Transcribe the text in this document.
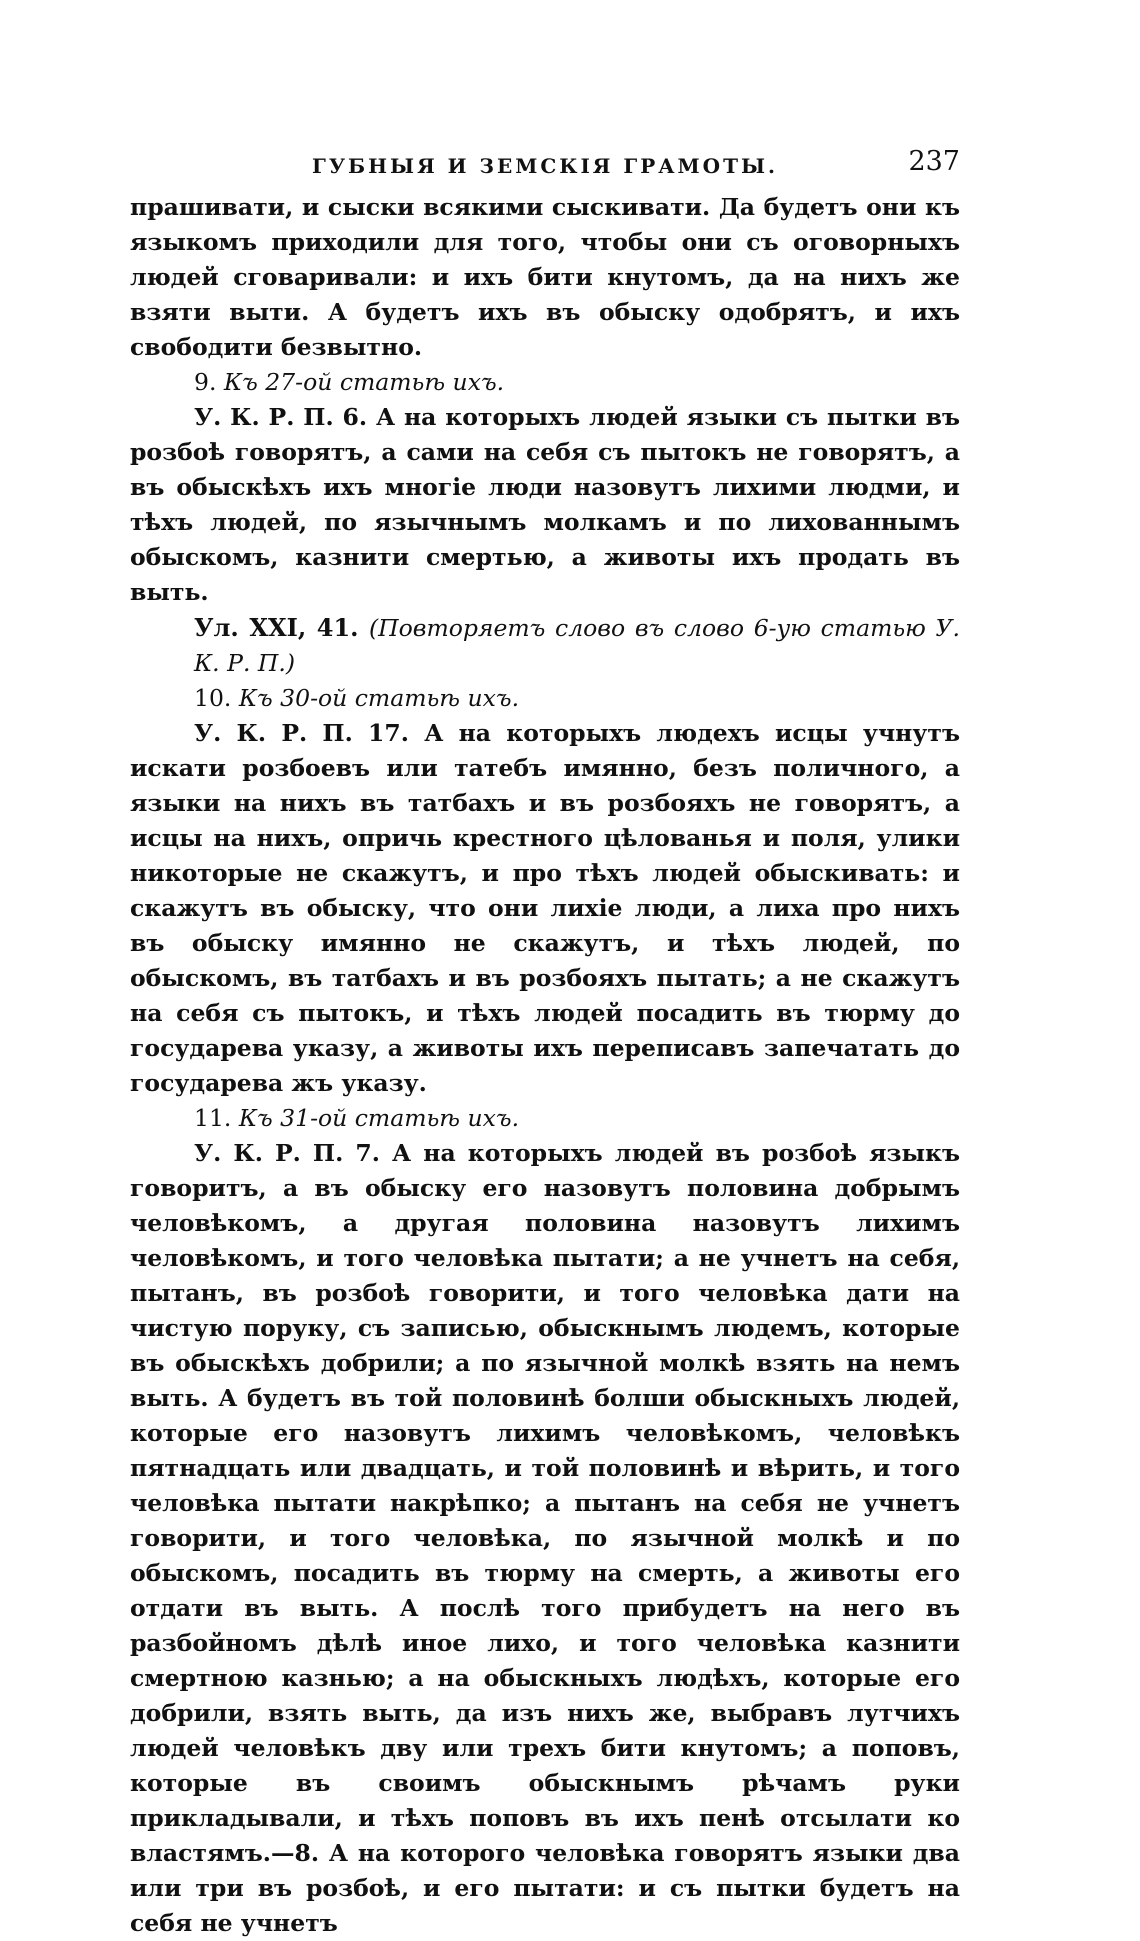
ГУБНЫЯ И ЗЕМСКІЯ ГРАМОТЫ.	237

прашивати, и сыски всякими сыскивати. Да будетъ они къ языкомъ приходили для того, чтобы они съ оговорныхъ людей сговаривали: и ихъ бити кнутомъ, да на нихъ же взяти выти. А будетъ ихъ въ обыску одобрятъ, и ихъ свободити безвытно.

9. Къ 27-ой статьѣ ихъ.

У. К. Р. П. 6. А на которыхъ людей языки съ пытки въ розбоѣ говорятъ, а сами на себя съ пытокъ не говорятъ, а въ обыскѣхъ ихъ многіе люди назовутъ лихими людми, и тѣхъ людей, по язычнымъ молкамъ и по лихованнымъ обыскомъ, казнити смертью, а животы ихъ продать въ выть.

Ул. XXI, 41. (Повторяетъ слово въ слово 6-ую статью У. К. Р. П.)

10. Къ 30-ой статьѣ ихъ.

У. К. Р. П. 17. А на которыхъ людехъ исцы учнутъ искати розбоевъ или татебъ имянно, безъ поличного, а языки на нихъ въ татбахъ и въ розбояхъ не говорятъ, а исцы на нихъ, опричь крестного цѣлованья и поля, улики никоторые не скажутъ, и про тѣхъ людей обыскивать: и скажутъ въ обыску, что они лихіе люди, а лиха про нихъ въ обыску имянно не скажутъ, и тѣхъ людей, по обыскомъ, въ татбахъ и въ розбояхъ пытать; а не скажутъ на себя съ пытокъ, и тѣхъ людей посадить въ тюрму до государева указу, а животы ихъ переписавъ запечатать до государева жъ указу.

11. Къ 31-ой статьѣ ихъ.

У. К. Р. П. 7. А на которыхъ людей въ розбоѣ языкъ говоритъ, а въ обыску его назовутъ половина добрымъ человѣкомъ, а другая половина назовутъ лихимъ человѣкомъ, и того человѣка пытати; а не учнетъ на себя, пытанъ, въ розбоѣ говорити, и того человѣка дати на чистую поруку, съ записью, обыскнымъ людемъ, которые въ обыскѣхъ добрили; а по язычной молкѣ взять на немъ выть. А будетъ въ той половинѣ болши обыскныхъ людей, которые его назовутъ лихимъ человѣкомъ, человѣкъ пятнадцать или двадцать, и той половинѣ и вѣрить, и того человѣка пытати накрѣпко; а пытанъ на себя не учнетъ говорити, и того человѣка, по язычной молкѣ и по обыскомъ, посадить въ тюрму на смерть, а животы его отдати въ выть. А послѣ того прибудетъ на него въ разбойномъ дѣлѣ иное лихо, и того человѣка казнити смертною казнью; а на обыскныхъ людѣхъ, которые его добрили, взять выть, да изъ нихъ же, выбравъ лутчихъ людей человѣкъ дву или трехъ бити кнутомъ; а поповъ, которые въ своимъ обыскнымъ рѣчамъ руки прикладывали, и тѣхъ поповъ въ ихъ пенѣ отсылати ко властямъ.—8. А на которого человѣка говорятъ языки два или три въ розбоѣ, и его пытати: и съ пытки будетъ на себя не учнетъ
